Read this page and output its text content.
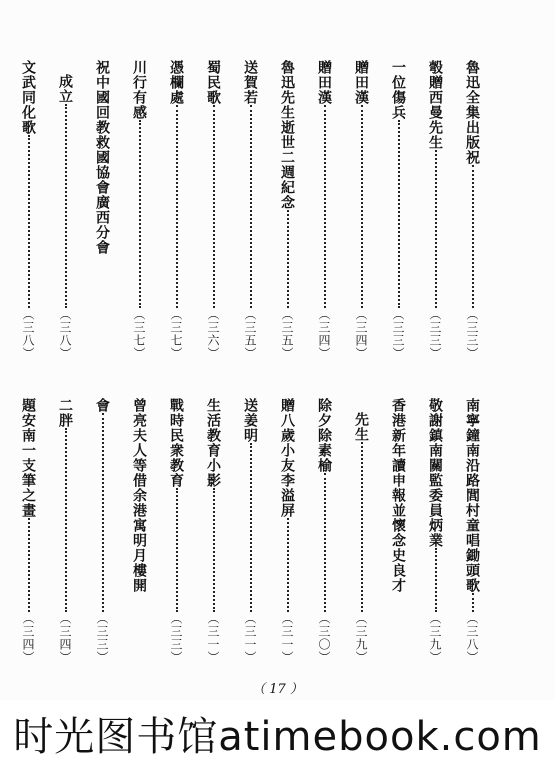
魯迅全集出版祝
（三三）
彀贈西曼先生
（三三）
一位傷兵
（三三）
贈田漢
（三四）
贈田漢
（三四）
魯迅先生逝世二週紀念
（三五）
送賀若
（三五）
蜀民歌
（三六）
憑欄處
（三七）
川行有感
（三七）
祝中國回教救國協會廣西分會
成立
（三八）
文武同化歌
（三八）
南寧鐘南沿路閭村童唱鋤頭歌
（三八）
敬謝鎮南關監委員炳業
（三九）
香港新年讀申報並懷念史良才
先生
（三九）
除夕除素榆
（三〇）
贈八歲小友李溢屏
（三一）
送姜明
（三一）
生活教育小影
（三一）
戰時民衆教育
（三三）
曾亮夫人等借余港寓明月樓開
會
（三三）
二胖
（三四）
題安南一支筆之畫
（三四）
（ 17 ）
时光图书馆atimebook.com
